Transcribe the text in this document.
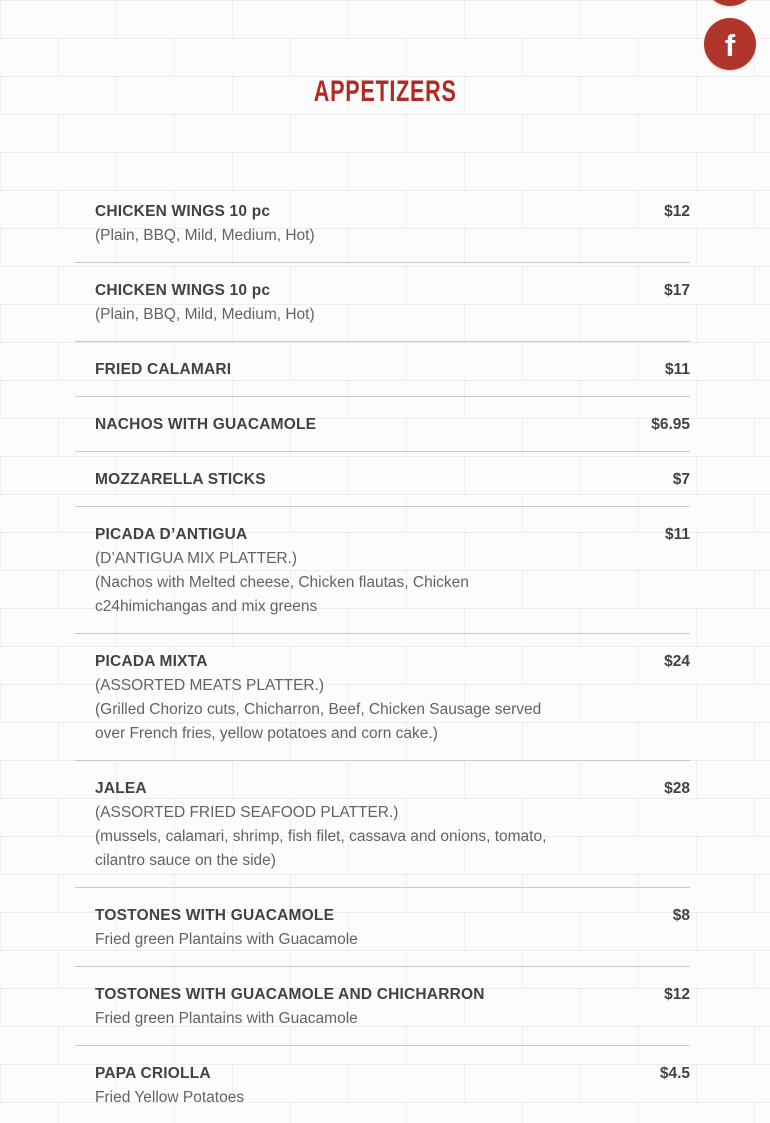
f
APPETIZERS
CHICKEN WINGS 10 pc	$12
(Plain, BBQ, Mild, Medium, Hot)
CHICKEN WINGS 10 pc	$17
(Plain, BBQ, Mild, Medium, Hot)
FRIED CALAMARI	$11
NACHOS WITH GUACAMOLE	$6.95
MOZZARELLA STICKS	$7
PICADA D’ANTIGUA	$11
(D’ANTIGUA MIX PLATTER.)
(Nachos with Melted cheese, Chicken flautas, Chicken
c24himichangas and mix greens
PICADA MIXTA	$24
(ASSORTED MEATS PLATTER.)
(Grilled Chorizo cuts, Chicharron, Beef, Chicken Sausage served
over French fries, yellow potatoes and corn cake.)
JALEA	$28
(ASSORTED FRIED SEAFOOD PLATTER.)
(mussels, calamari, shrimp, fish filet, cassava and onions, tomato,
cilantro sauce on the side)
TOSTONES WITH GUACAMOLE	$8
Fried green Plantains with Guacamole
TOSTONES WITH GUACAMOLE AND CHICHARRON	$12
Fried green Plantains with Guacamole
PAPA CRIOLLA	$4.5
Fried Yellow Potatoes
